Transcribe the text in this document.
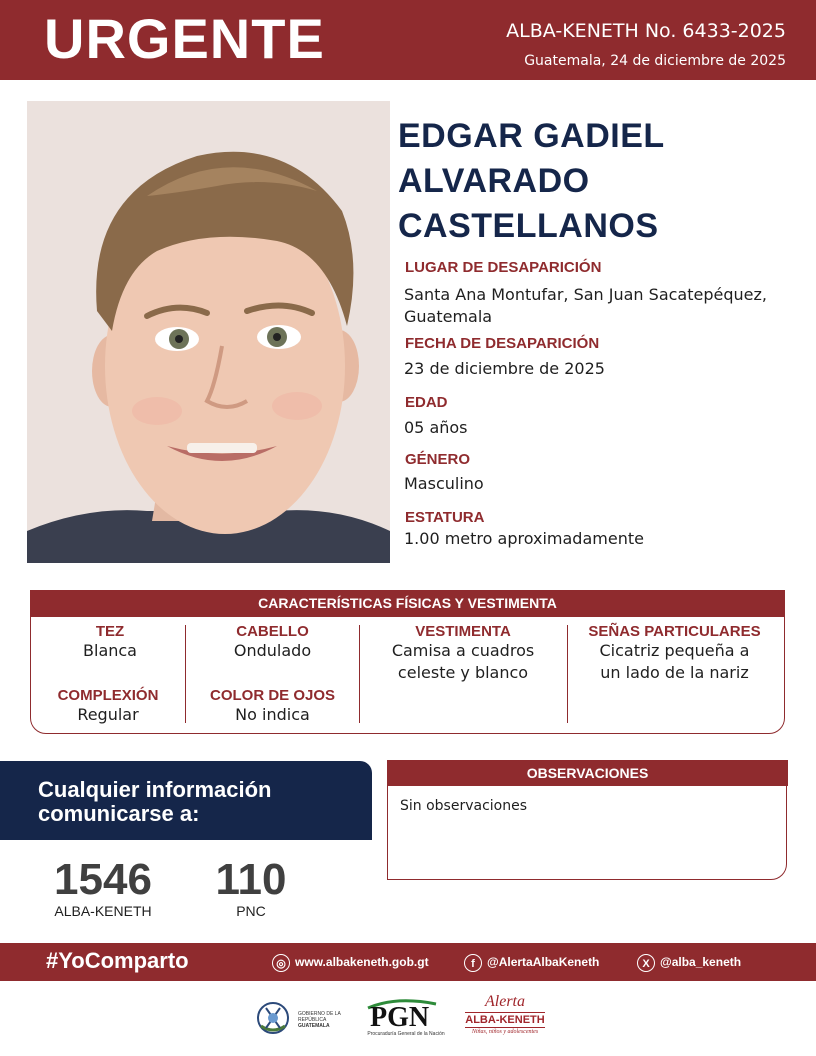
URGENTE	ALBA-KENETH No. 6433-2025
Guatemala, 24 de diciembre de 2025
EDGAR GADIEL
ALVARADO
CASTELLANOS
LUGAR DE DESAPARICIÓN
Santa Ana Montufar, San Juan Sacatepéquez,
Guatemala
FECHA DE DESAPARICIÓN
23 de diciembre de 2025
EDAD
05 años
GÉNERO
Masculino
ESTATURA
1.00 metro aproximadamente
CARACTERÍSTICAS FÍSICAS Y VESTIMENTA
TEZ
Blanca
COMPLEXIÓN
Regular
CABELLO
Ondulado
COLOR DE OJOS
No indica
VESTIMENTA
Camisa a cuadros
celeste y blanco
SEÑAS PARTICULARES
Cicatriz pequeña a
un lado de la nariz
Cualquier información
comunicarse a:
1546
ALBA-KENETH
110
PNC
OBSERVACIONES
Sin observaciones
#YoComparto	◎ www.albakeneth.gob.gt	f @AlertaAlbaKeneth	X @alba_keneth
GOBIERNO DE LA REPÚBLICA
GUATEMALA	PGN
Procuraduría General de la Nación
Alerta
ALBA-KENETH
Niñas, niños y adolescentes
